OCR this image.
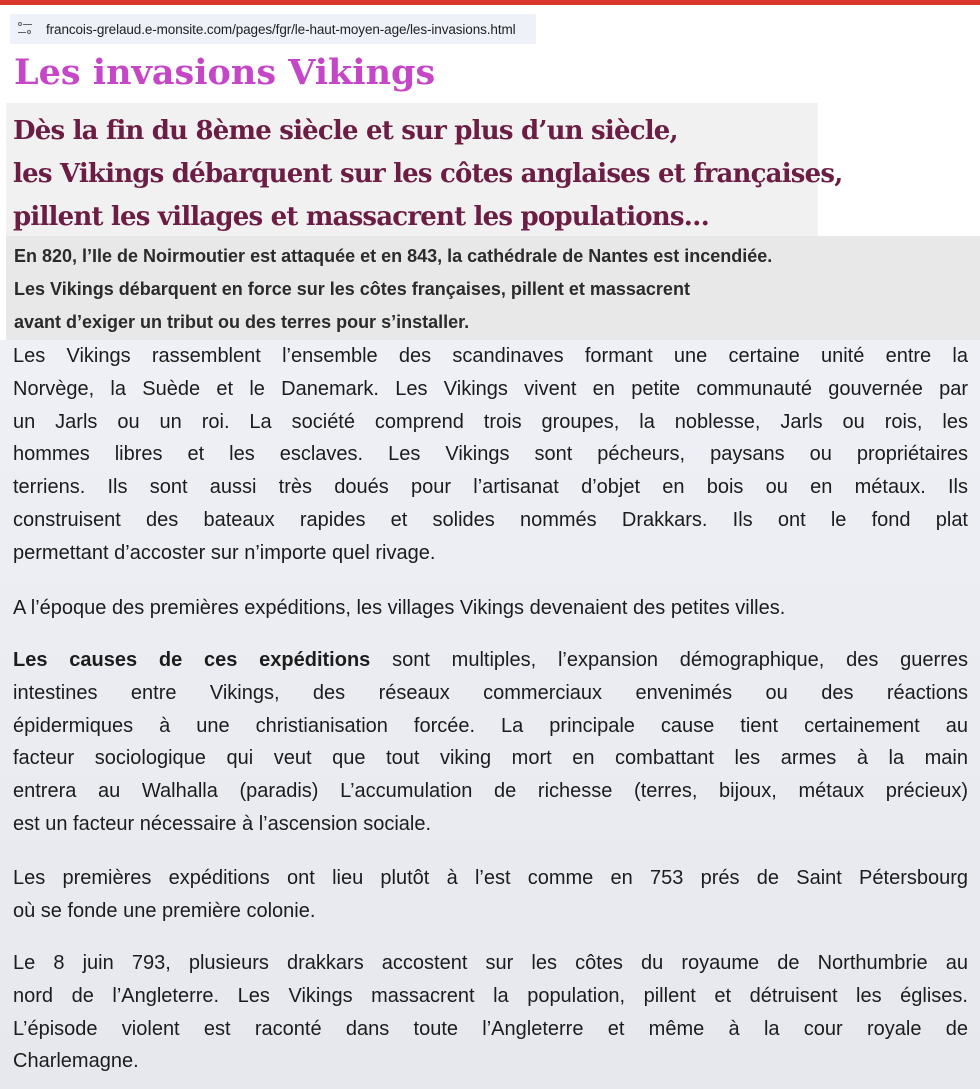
francois-grelaud.e-monsite.com/pages/fgr/le-haut-moyen-age/les-invasions.html
Les invasions Vikings
Dès la fin du 8ème siècle et sur plus d’un siècle,
les Vikings débarquent sur les côtes anglaises et françaises,
pillent les villages et massacrent les populations…

En 820, l’Ile de Noirmoutier est attaquée et en 843, la cathédrale de Nantes est incendiée.
Les Vikings débarquent en force sur les côtes françaises, pillent et massacrent
avant d’exiger un tribut ou des terres pour s’installer.

Les Vikings rassemblent l’ensemble des scandinaves formant une certaine unité entre la
Norvège, la Suède et le Danemark. Les Vikings vivent en petite communauté gouvernée par
un Jarls ou un roi. La société comprend trois groupes, la noblesse, Jarls ou rois, les
hommes libres et les esclaves. Les Vikings sont pécheurs, paysans ou propriétaires
terriens. Ils sont aussi très doués pour l’artisanat d’objet en bois ou en métaux. Ils
construisent des bateaux rapides et solides nommés Drakkars. Ils ont le fond plat
permettant d’accoster sur n’importe quel rivage.

A l’époque des premières expéditions, les villages Vikings devenaient des petites villes.

Les causes de ces expéditions sont multiples, l’expansion démographique, des guerres
intestines entre Vikings, des réseaux commerciaux envenimés ou des réactions
épidermiques à une christianisation forcée. La principale cause tient certainement au
facteur sociologique qui veut que tout viking mort en combattant les armes à la main
entrera au Walhalla (paradis) L’accumulation de richesse (terres, bijoux, métaux précieux)
est un facteur nécessaire à l’ascension sociale.

Les premières expéditions ont lieu plutôt à l’est comme en 753 prés de Saint Pétersbourg
où se fonde une première colonie.

Le 8 juin 793, plusieurs drakkars accostent sur les côtes du royaume de Northumbrie au
nord de l’Angleterre. Les Vikings massacrent la population, pillent et détruisent les églises.
L’épisode violent est raconté dans toute l’Angleterre et même à la cour royale de
Charlemagne.
